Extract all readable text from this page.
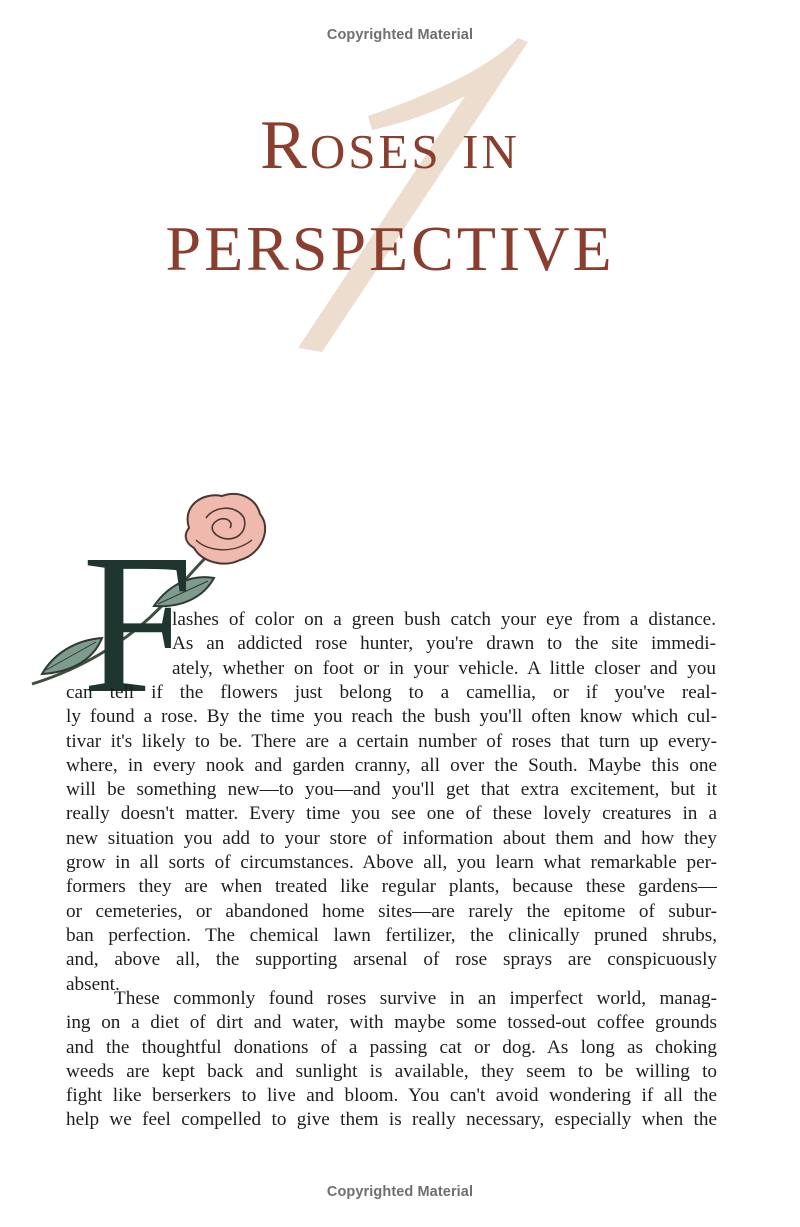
Copyrighted Material
Roses in
PERSPECTIVE
F
lashes of color on a green bush catch your eye from a distance.
As an addicted rose hunter, you're drawn to the site immedi-
ately, whether on foot or in your vehicle. A little closer and you
can tell if the flowers just belong to a camellia, or if you've real-
ly found a rose. By the time you reach the bush you'll often know which cul-
tivar it's likely to be. There are a certain number of roses that turn up every-
where, in every nook and garden cranny, all over the South. Maybe this one
will be something new—to you—and you'll get that extra excitement, but it
really doesn't matter. Every time you see one of these lovely creatures in a
new situation you add to your store of information about them and how they
grow in all sorts of circumstances. Above all, you learn what remarkable per-
formers they are when treated like regular plants, because these gardens—
or cemeteries, or abandoned home sites—are rarely the epitome of subur-
ban perfection. The chemical lawn fertilizer, the clinically pruned shrubs,
and, above all, the supporting arsenal of rose sprays are conspicuously
absent.
These commonly found roses survive in an imperfect world, manag-
ing on a diet of dirt and water, with maybe some tossed-out coffee grounds
and the thoughtful donations of a passing cat or dog. As long as choking
weeds are kept back and sunlight is available, they seem to be willing to
fight like berserkers to live and bloom. You can't avoid wondering if all the
help we feel compelled to give them is really necessary, especially when the
Copyrighted Material
